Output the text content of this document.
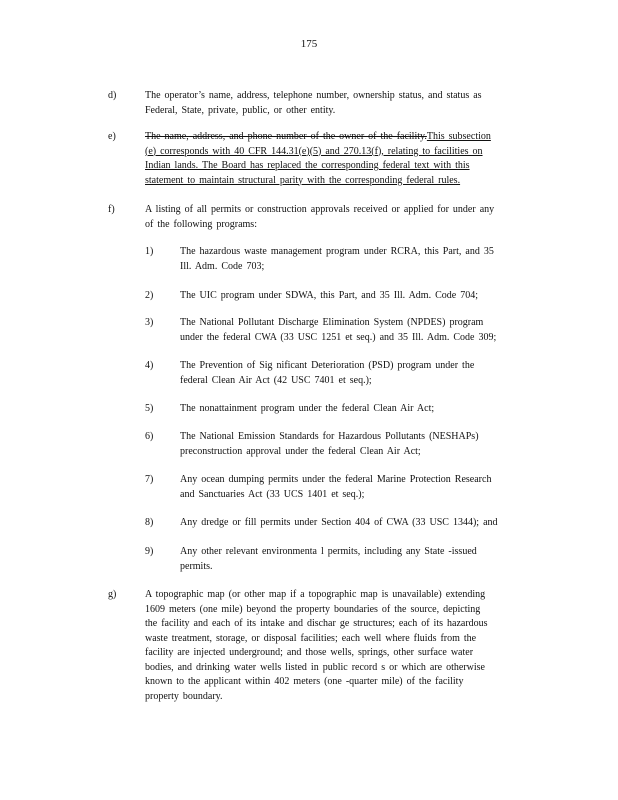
175
d)	The operator’s name, address, telephone number, ownership status, and status as
Federal, State, private, public, or other entity.
e)	The name, address, and phone number of the owner of the facility.This subsection
(e) corresponds with 40 CFR 144.31(e)(5) and 270.13(f), relating to facilities on
Indian lands. The Board has replaced the corresponding federal text with this
statement to maintain structural parity with the corresponding federal rules.
f)	A listing of all permits or construction approvals received or applied for under any
of the following programs:
1)	The hazardous waste management program under RCRA, this Part, and 35
Ill. Adm. Code 703;
2)	The UIC program under SDWA, this Part, and 35 Ill. Adm. Code 704;
3)	The National Pollutant Discharge Elimination System (NPDES) program
under the federal CWA (33 USC 1251 et seq.) and 35 Ill. Adm. Code 309;
4)	The Prevention of Sig nificant Deterioration (PSD) program under the
federal Clean Air Act (42 USC 7401 et seq.);
5)	The nonattainment program under the federal Clean Air Act;
6)	The National Emission Standards for Hazardous Pollutants (NESHAPs)
preconstruction approval under the federal Clean Air Act;
7)	Any ocean dumping permits under the federal Marine Protection Research
and Sanctuaries Act (33 UCS 1401 et seq.);
8)	Any dredge or fill permits under Section 404 of CWA (33 USC 1344); and
9)	Any other relevant environmenta l permits, including any State -issued
permits.
g)	A topographic map (or other map if a topographic map is unavailable) extending
1609 meters (one mile) beyond the property boundaries of the source, depicting
the facility and each of its intake and dischar ge structures; each of its hazardous
waste treatment, storage, or disposal facilities; each well where fluids from the
facility are injected underground; and those wells, springs, other surface water
bodies, and drinking water wells listed in public record s or which are otherwise
known to the applicant within 402 meters (one -quarter mile) of the facility
property boundary.
